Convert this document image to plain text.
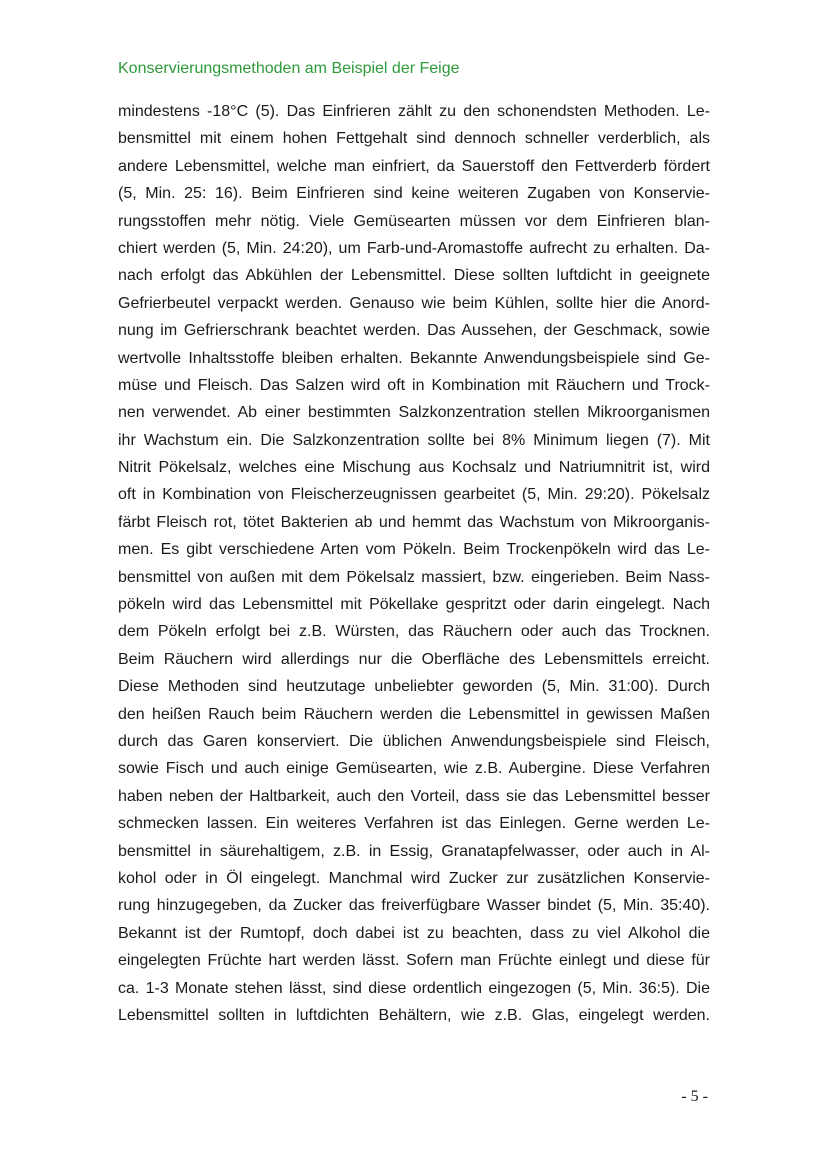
Konservierungsmethoden am Beispiel der Feige
mindestens -18°C (5). Das Einfrieren zählt zu den schonendsten Methoden. Le-
bensmittel mit einem hohen Fettgehalt sind dennoch schneller verderblich, als
andere Lebensmittel, welche man einfriert, da Sauerstoff den Fettverderb fördert
(5, Min. 25: 16). Beim Einfrieren sind keine weiteren Zugaben von Konservie-
rungsstoffen mehr nötig. Viele Gemüsearten müssen vor dem Einfrieren blan-
chiert werden (5, Min. 24:20), um Farb-und-Aromastoffe aufrecht zu erhalten. Da-
nach erfolgt das Abkühlen der Lebensmittel. Diese sollten luftdicht in geeignete
Gefrierbeutel verpackt werden. Genauso wie beim Kühlen, sollte hier die Anord-
nung im Gefrierschrank beachtet werden. Das Aussehen, der Geschmack, sowie
wertvolle Inhaltsstoffe bleiben erhalten. Bekannte Anwendungsbeispiele sind Ge-
müse und Fleisch. Das Salzen wird oft in Kombination mit Räuchern und Trock-
nen verwendet. Ab einer bestimmten Salzkonzentration stellen Mikroorganismen
ihr Wachstum ein. Die Salzkonzentration sollte bei 8% Minimum liegen (7). Mit
Nitrit Pökelsalz, welches eine Mischung aus Kochsalz und Natriumnitrit ist, wird
oft in Kombination von Fleischerzeugnissen gearbeitet (5, Min. 29:20). Pökelsalz
färbt Fleisch rot, tötet Bakterien ab und hemmt das Wachstum von Mikroorganis-
men. Es gibt verschiedene Arten vom Pökeln. Beim Trockenpökeln wird das Le-
bensmittel von außen mit dem Pökelsalz massiert, bzw. eingerieben. Beim Nass-
pökeln wird das Lebensmittel mit Pökellake gespritzt oder darin eingelegt. Nach
dem Pökeln erfolgt bei z.B. Würsten, das Räuchern oder auch das Trocknen.
Beim Räuchern wird allerdings nur die Oberfläche des Lebensmittels erreicht.
Diese Methoden sind heutzutage unbeliebter geworden (5, Min. 31:00). Durch
den heißen Rauch beim Räuchern werden die Lebensmittel in gewissen Maßen
durch das Garen konserviert. Die üblichen Anwendungsbeispiele sind Fleisch,
sowie Fisch und auch einige Gemüsearten, wie z.B. Aubergine. Diese Verfahren
haben neben der Haltbarkeit, auch den Vorteil, dass sie das Lebensmittel besser
schmecken lassen. Ein weiteres Verfahren ist das Einlegen. Gerne werden Le-
bensmittel in säurehaltigem, z.B. in Essig, Granatapfelwasser, oder auch in Al-
kohol oder in Öl eingelegt. Manchmal wird Zucker zur zusätzlichen Konservie-
rung hinzugegeben, da Zucker das freiverfügbare Wasser bindet (5, Min. 35:40).
Bekannt ist der Rumtopf, doch dabei ist zu beachten, dass zu viel Alkohol die
eingelegten Früchte hart werden lässt. Sofern man Früchte einlegt und diese für
ca. 1-3 Monate stehen lässt, sind diese ordentlich eingezogen (5, Min. 36:5). Die
Lebensmittel sollten in luftdichten Behältern, wie z.B. Glas, eingelegt werden.
- 5 -
